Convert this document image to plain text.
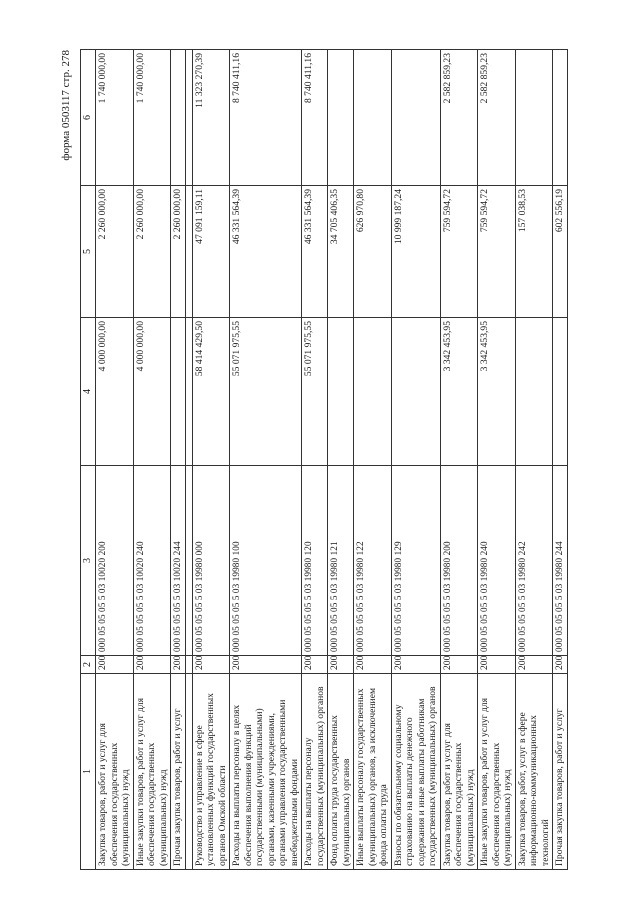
форма 0503117 стр. 278
1	2	3	4	5	6
Закупка товаров, работ и услуг для обеспечения государственных (муниципальных) нужд	200	000 05 05 05 5 03 10020 200	4 000 000,00	2 260 000,00	1 740 000,00
Иные закупки товаров, работ и услуг для обеспечения государственных (муниципальных) нужд	200	000 05 05 05 5 03 10020 240	4 000 000,00	2 260 000,00	1 740 000,00
Прочая закупка товаров, работ и услуг	200	000 05 05 05 5 03 10020 244		2 260 000,00	

Руководство и управление в сфере установленных функций государственных органов Омской области	200	000 05 05 05 5 03 19980 000	58 414 429,50	47 091 159,11	11 323 270,39
Расходы на выплаты персоналу в целях обеспечения выполнения функций государственными (муниципальными) органами, казенными учреждениями, органами управления государственными внебюджетными фондами	200	000 05 05 05 5 03 19980 100	55 071 975,55	46 331 564,39	8 740 411,16
Расходы на выплаты персоналу государственных (муниципальных) органов	200	000 05 05 05 5 03 19980 120	55 071 975,55	46 331 564,39	8 740 411,16
Фонд оплаты труда государственных (муниципальных) органов	200	000 05 05 05 5 03 19980 121		34 705 406,35	
Иные выплаты персоналу государственных (муниципальных) органов, за исключением фонда оплаты труда	200	000 05 05 05 5 03 19980 122		626 970,80	
Взносы по обязательному социальному страхованию на выплаты денежного содержания и иные выплаты работникам государственных (муниципальных) органов	200	000 05 05 05 5 03 19980 129		10 999 187,24	
Закупка товаров, работ и услуг для обеспечения государственных (муниципальных) нужд	200	000 05 05 05 5 03 19980 200	3 342 453,95	759 594,72	2 582 859,23
Иные закупки товаров, работ и услуг для обеспечения государственных (муниципальных) нужд	200	000 05 05 05 5 03 19980 240	3 342 453,95	759 594,72	2 582 859,23
Закупка товаров, работ, услуг в сфере информационно-коммуникационных технологий	200	000 05 05 05 5 03 19980 242		157 038,53	
Прочая закупка товаров, работ и услуг	200	000 05 05 05 5 03 19980 244		602 556,19	
